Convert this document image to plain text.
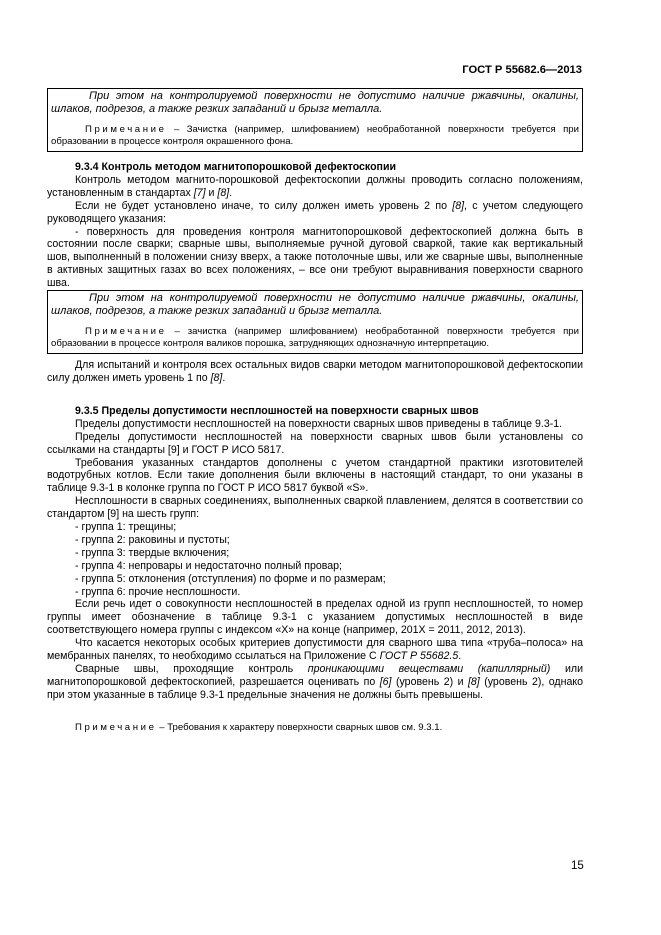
ГОСТ Р 55682.6—2013

При этом на контролируемой поверхности не допустимо наличие ржавчины, окалины, шлаков, подрезов, а также резких западаний и брызг металла.

Примечание – Зачистка (например, шлифованием) необработанной поверхности требуется при образовании в процессе контроля окрашенного фона.

9.3.4 Контроль методом магнитопорошковой дефектоскопии

Контроль методом магнито-порошковой дефектоскопии должны проводить согласно положениям, установленным в стандартах [7] и [8].

Если не будет установлено иначе, то силу должен иметь уровень 2 по [8], с учетом следующего руководящего указания:

- поверхность для проведения контроля магнитопорошковой дефектоскопией должна быть в состоянии после сварки; сварные швы, выполняемые ручной дуговой сваркой, такие как вертикальный шов, выполненный в положении снизу вверх, а также потолочные швы, или же сварные швы, выполненные в активных защитных газах во всех положениях, – все они требуют выравнивания поверхности сварного шва.

При этом на контролируемой поверхности не допустимо наличие ржавчины, окалины, шлаков, подрезов, а также резких западаний и брызг металла.

Примечание – зачистка (например шлифованием) необработанной поверхности требуется при образовании в процессе контроля валиков порошка, затрудняющих однозначную интерпретацию.

Для испытаний и контроля всех остальных видов сварки методом магнитопорошковой дефектоскопии силу должен иметь уровень 1 по [8].

9.3.5 Пределы допустимости несплошностей на поверхности сварных швов

Пределы допустимости несплошностей на поверхности сварных швов приведены в таблице 9.3-1.

Пределы допустимости несплошностей на поверхности сварных швов были установлены со ссылками на стандарты [9] и ГОСТ Р ИСО 5817.

Требования указанных стандартов дополнены с учетом стандартной практики изготовителей водотрубных котлов. Если такие дополнения были включены в настоящий стандарт, то они указаны в таблице 9.3-1 в колонке группа по ГОСТ Р ИСО 5817 буквой «S».

Несплошности в сварных соединениях, выполненных сваркой плавлением, делятся в соответствии со стандартом [9] на шесть групп:

- группа 1: трещины;

- группа 2: раковины и пустоты;

- группа 3: твердые включения;

- группа 4: непровары и недостаточно полный провар;

- группа 5: отклонения (отступления) по форме и по размерам;

- группа 6: прочие несплошности.

Если речь идет о совокупности несплошностей в пределах одной из групп несплошностей, то номер группы имеет обозначение в таблице 9.3-1 с указанием допустимых несплошностей в виде соответствующего номера группы с индексом «X» на конце (например, 201X = 2011, 2012, 2013).

Что касается некоторых особых критериев допустимости для сварного шва типа «труба–полоса» на мембранных панелях, то необходимо ссылаться на Приложение С ГОСТ Р 55682.5.

Сварные швы, проходящие контроль проникающими веществами (капиллярный) или магнитопорошковой дефектоскопией, разрешается оценивать по [6] (уровень 2) и [8] (уровень 2), однако при этом указанные в таблице 9.3-1 предельные значения не должны быть превышены.

Примечание – Требования к характеру поверхности сварных швов см. 9.3.1.

15
